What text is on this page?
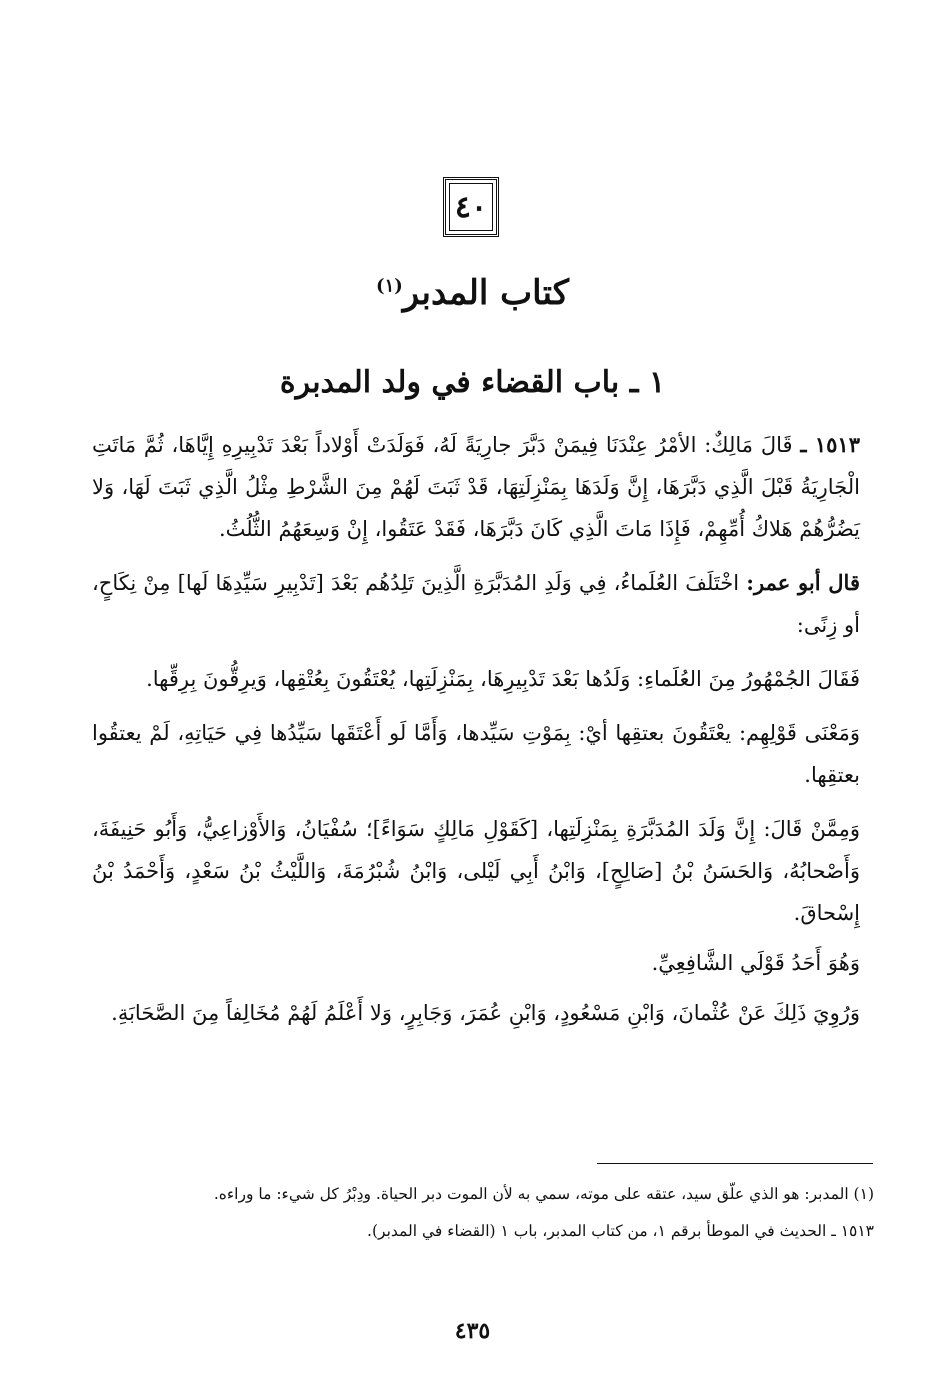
٤٠
كتاب المدبر$^{(١)}$
١ ـ باب القضاء في ولد المدبرة

١٥١٣ ـ قَالَ مَالِكٌ: الأمْرُ عِنْدَنَا فِيمَنْ دَبَّرَ جارِيَةً لَهُ، فَوَلَدَتْ أَوْلاداً بَعْدَ تَدْبِيرِهِ إِيَّاهَا، ثُمَّ مَاتَتِ الْجَارِيَةُ قَبْلَ الَّذِي دَبَّرَهَا، إِنَّ وَلَدَهَا بِمَنْزِلَتِهَا، قَدْ ثَبَتَ لَهُمْ مِنَ الشَّرْطِ مِثْلُ الَّذِي ثَبَتَ لَهَا، وَلا يَضُرُّهُمْ هَلاكُ أُمِّهِمْ، فَإِذَا مَاتَ الَّذِي كَانَ دَبَّرَهَا، فَقَدْ عَتَقُوا، إِنْ وَسِعَهُمُ الثُّلُثُ.

قال أبو عمر: اخْتَلَفَ العُلَماءُ، فِي وَلَدِ المُدَبَّرَةِ الَّذِينَ تَلِدُهُم بَعْدَ [تَدْبِيرِ سَيِّدِهَا لَها] مِنْ نِكَاحٍ، أو زِنًى:

فَقَالَ الجُمْهُورُ مِنَ العُلَماءِ: وَلَدُها بَعْدَ تَدْبِيرِهَا، بِمَنْزِلَتِها، يُعْتَقُونَ بِعُتْقِها، وَيرِقُّونَ بِرِقِّها.

وَمَعْنَى قَوْلِهِم: يعْتَقُونَ بعتقِها أيْ: بِمَوْتِ سَيِّدها، وَأَمَّا لَو أَعْتَقَها سَيِّدُها فِي حَيَاتِهِ، لَمْ يعتقُوا بعتقِها.

وَمِمَّنْ قَالَ: إِنَّ وَلَدَ المُدَبَّرَةِ بِمَنْزِلَتِها، [كَقَوْلِ مَالِكٍ سَوَاءً]؛ سُفْيَانُ، وَالأَوْزاعِيُّ، وَأَبُو حَنِيفَةَ، وَأَصْحابُهُ، وَالحَسَنُ بْنُ [صَالِحٍ]، وَابْنُ أَبِي لَيْلى، وَابْنُ شُبْرُمَةَ، وَاللَّيْثُ بْنُ سَعْدٍ، وَأَحْمَدُ بْنُ إِسْحاقَ.

وَهُوَ أَحَدُ قَوْلَي الشَّافِعِيِّ.

وَرُوِيَ ذَلِكَ عَنْ عُثْمانَ، وَابْنِ مَسْعُودٍ، وَابْنِ عُمَرَ، وَجَابِرٍ، وَلا أَعْلَمُ لَهُمْ مُخَالِفاً مِنَ الصَّحَابَةِ.

(١) المدبر: هو الذي علّق سيد، عتقه على موته، سمي به لأن الموت دبر الحياة. ودِبْرُ كل شيء: ما وراءه.

١٥١٣ ـ الحديث في الموطأ برقم ١، من كتاب المدبر، باب ١ (القضاء في المدبر).

٤٣٥
